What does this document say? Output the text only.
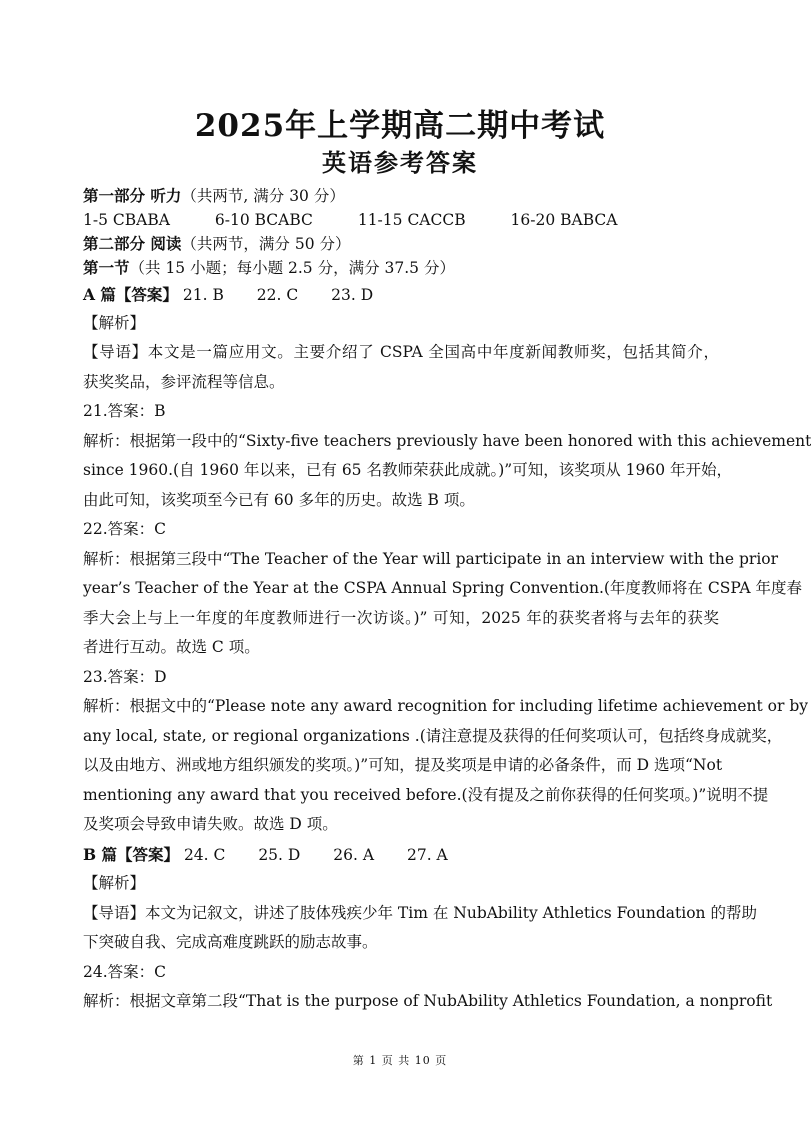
2025年上学期高二期中考试
英语参考答案
第一部分 听力（共两节, 满分 30 分）
1-5 CBABA	6-10 BCABC	11-15 CACCB	16-20 BABCA
第二部分 阅读（共两节，满分 50 分）
第一节（共 15 小题；每小题 2.5 分，满分 37.5 分）
A 篇【答案】 21. B 22. C 23. D
【解析】
【导语】本文是一篇应用文。主要介绍了 CSPA 全国高中年度新闻教师奖，包括其简介，
获奖奖品，参评流程等信息。
21.答案：B
解析：根据第一段中的“Sixty-five teachers previously have been honored with this achievement
since 1960.(自 1960 年以来，已有 65 名教师荣获此成就。)”可知，该奖项从 1960 年开始，
由此可知，该奖项至今已有 60 多年的历史。故选 B 项。
22.答案：C
解析：根据第三段中“The Teacher of the Year will participate in an interview with the prior
year’s Teacher of the Year at the CSPA Annual Spring Convention.(年度教师将在 CSPA 年度春
季大会上与上一年度的年度教师进行一次访谈。)” 可知，2025 年的获奖者将与去年的获奖
者进行互动。故选 C 项。
23.答案：D
解析：根据文中的“Please note any award recognition for including lifetime achievement or by
any local, state, or regional organizations .(请注意提及获得的任何奖项认可，包括终身成就奖，
以及由地方、洲或地方组织颁发的奖项。)”可知，提及奖项是申请的必备条件，而 D 选项“Not
mentioning any award that you received before.(没有提及之前你获得的任何奖项。)”说明不提
及奖项会导致申请失败。故选 D 项。
B 篇【答案】 24. C 25. D 26. A 27. A
【解析】
【导语】本文为记叙文，讲述了肢体残疾少年 Tim 在 NubAbility Athletics Foundation 的帮助
下突破自我、完成高难度跳跃的励志故事。
24.答案：C
解析：根据文章第二段“That is the purpose of NubAbility Athletics Foundation, a nonprofit
第 1 页 共 10 页
